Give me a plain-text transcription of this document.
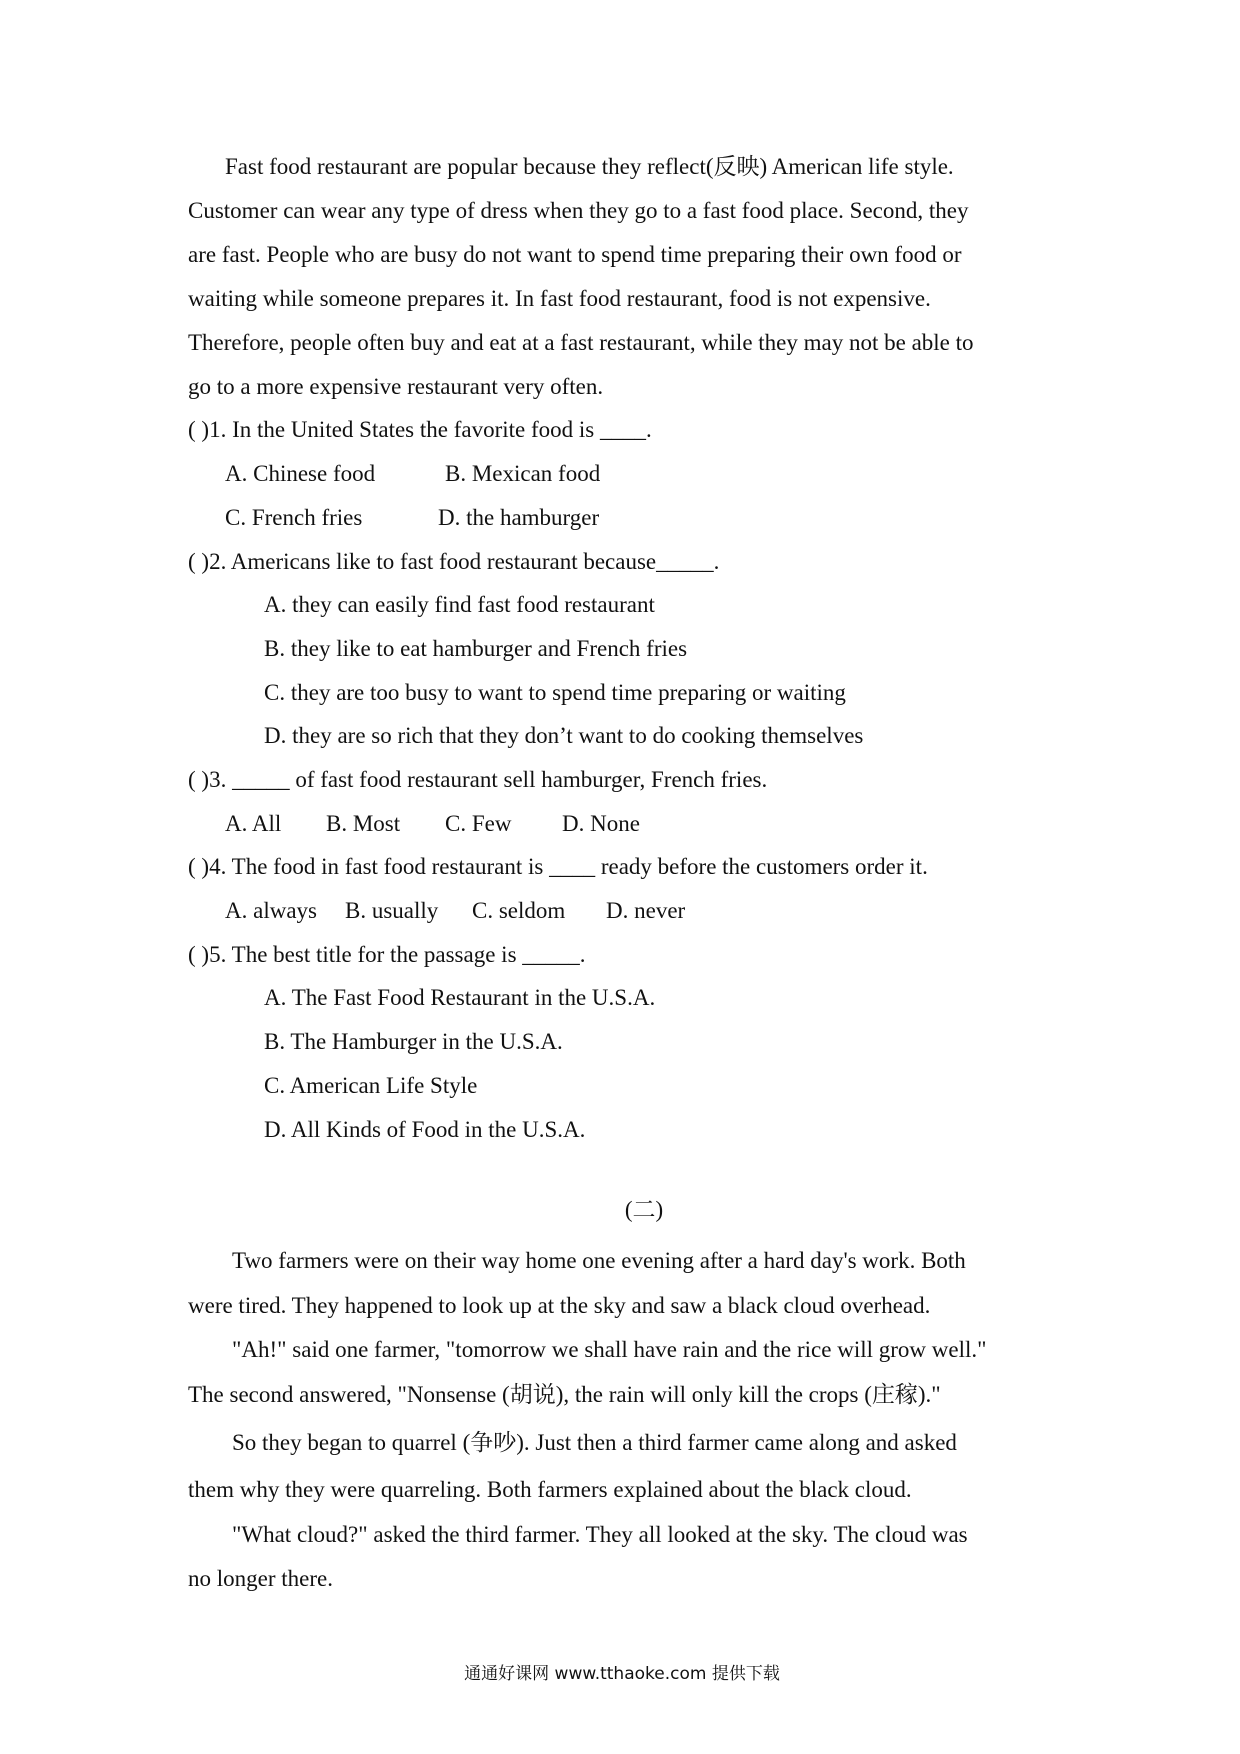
Fast food restaurant are popular because they reflect(反映) American life style.
Customer can wear any type of dress when they go to a fast food place. Second, they
are fast. People who are busy do not want to spend time preparing their own food or
waiting while someone prepares it. In fast food restaurant, food is not expensive.
Therefore, people often buy and eat at a fast restaurant, while they may not be able to
go to a more expensive restaurant very often.
( )1. In the United States the favorite food is ____.
A. Chinese food	B. Mexican food
C. French fries	D. the hamburger
( )2. Americans like to fast food restaurant because_____.
A. they can easily find fast food restaurant
B. they like to eat hamburger and French fries
C. they are too busy to want to spend time preparing or waiting
D. they are so rich that they don’t want to do cooking themselves
( )3. _____ of fast food restaurant sell hamburger, French fries.
A. All B. Most C. Few D. None
( )4. The food in fast food restaurant is ____ ready before the customers order it.
A. always B. usually C. seldom D. never
( )5. The best title for the passage is _____.
A. The Fast Food Restaurant in the U.S.A.
B. The Hamburger in the U.S.A.
C. American Life Style
D. All Kinds of Food in the U.S.A.
(二)
Two farmers were on their way home one evening after a hard day's work. Both
were tired. They happened to look up at the sky and saw a black cloud overhead.
"Ah!" said one farmer, "tomorrow we shall have rain and the rice will grow well."
The second answered, "Nonsense (胡说), the rain will only kill the crops (庄稼)."
So they began to quarrel (争吵). Just then a third farmer came along and asked
them why they were quarreling. Both farmers explained about the black cloud.
"What cloud?" asked the third farmer. They all looked at the sky. The cloud was
no longer there.
通通好课网 www.tthaoke.com 提供下载
